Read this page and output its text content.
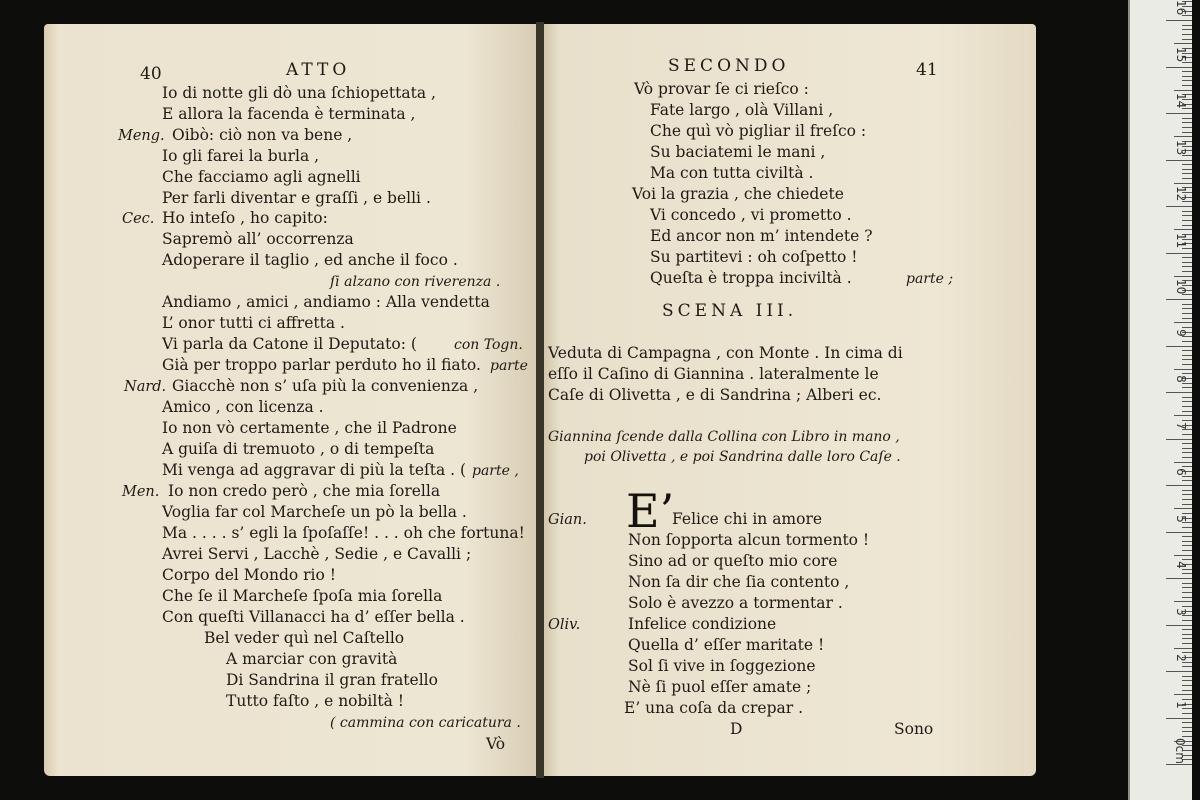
40	ATTO
Io di notte gli dò una ſchiopettata ,
E allora la facenda è terminata ,
Meng. Oibò: ciò non va bene ,
Io gli farei la burla ,
Che facciamo agli agnelli
Per farli diventar e graſſi , e belli .
Cec. Ho inteſo , ho capito:
Sapremò all’ occorrenza
Adoperare il taglio , ed anche il foco .
ſi alzano con riverenza .
Andiamo , amici , andiamo : Alla vendetta
L’ onor tutti ci affretta .
Vi parla da Catone il Deputato: (	con Togn.
Già per troppo parlar perduto ho il fiato. parte
Nard. Giacchè non s’ uſa più la convenienza ,
Amico , con licenza .
Io non vò certamente , che il Padrone
A guiſa di tremuoto , o di tempeſta
Mi venga ad aggravar di più la teſta . ( parte ,
Men. Io non credo però , che mia ſorella
Voglia far col Marcheſe un pò la bella .
Ma . . . . s’ egli la ſpoſaſſe! . . . oh che fortuna!
Avrei Servi , Lacchè , Sedie , e Cavalli ;
Corpo del Mondo rio !
Che ſe il Marcheſe ſpoſa mia ſorella
Con queſti Villanacci ha d’ eſſer bella .
Bel veder quì nel Caſtello
A marciar con gravità
Di Sandrina il gran fratello
Tutto faſto , e nobiltà !
( cammina con caricatura .
Vò
SECONDO	41
Vò provar ſe ci rieſco :
Fate largo , olà Villani ,
Che quì vò pigliar il freſco :
Su baciatemi le mani ,
Ma con tutta civiltà .
Voi la grazia , che chiedete
Vi concedo , vi prometto .
Ed ancor non m’ intendete ?
Su partitevi : oh coſpetto !
Queſta è troppa inciviltà .	parte ;
SCENA III.
Veduta di Campagna , con Monte . In cima di
eſſo il Caſino di Giannina . lateralmente le
Caſe di Olivetta , e di Sandrina ; Alberi ec.
Giannina ſcende dalla Collina con Libro in mano ,
poi Olivetta , e poi Sandrina dalle loro Caſe .
E’
Gian.	Felice chi in amore
Non ſopporta alcun tormento !
Sino ad or queſto mio core
Non ſa dir che ſia contento ,
Solo è avezzo a tormentar .
Oliv.	Infelice condizione
Quella d’ eſſer maritate !
Sol ſi vive in ſoggezione
Nè ſi puol eſſer amate ;
E’ una coſa da crepar .
D	Sono
0cm
1
2
3
4
5
6
7
8
9
10
11
12
13
14
15
16
